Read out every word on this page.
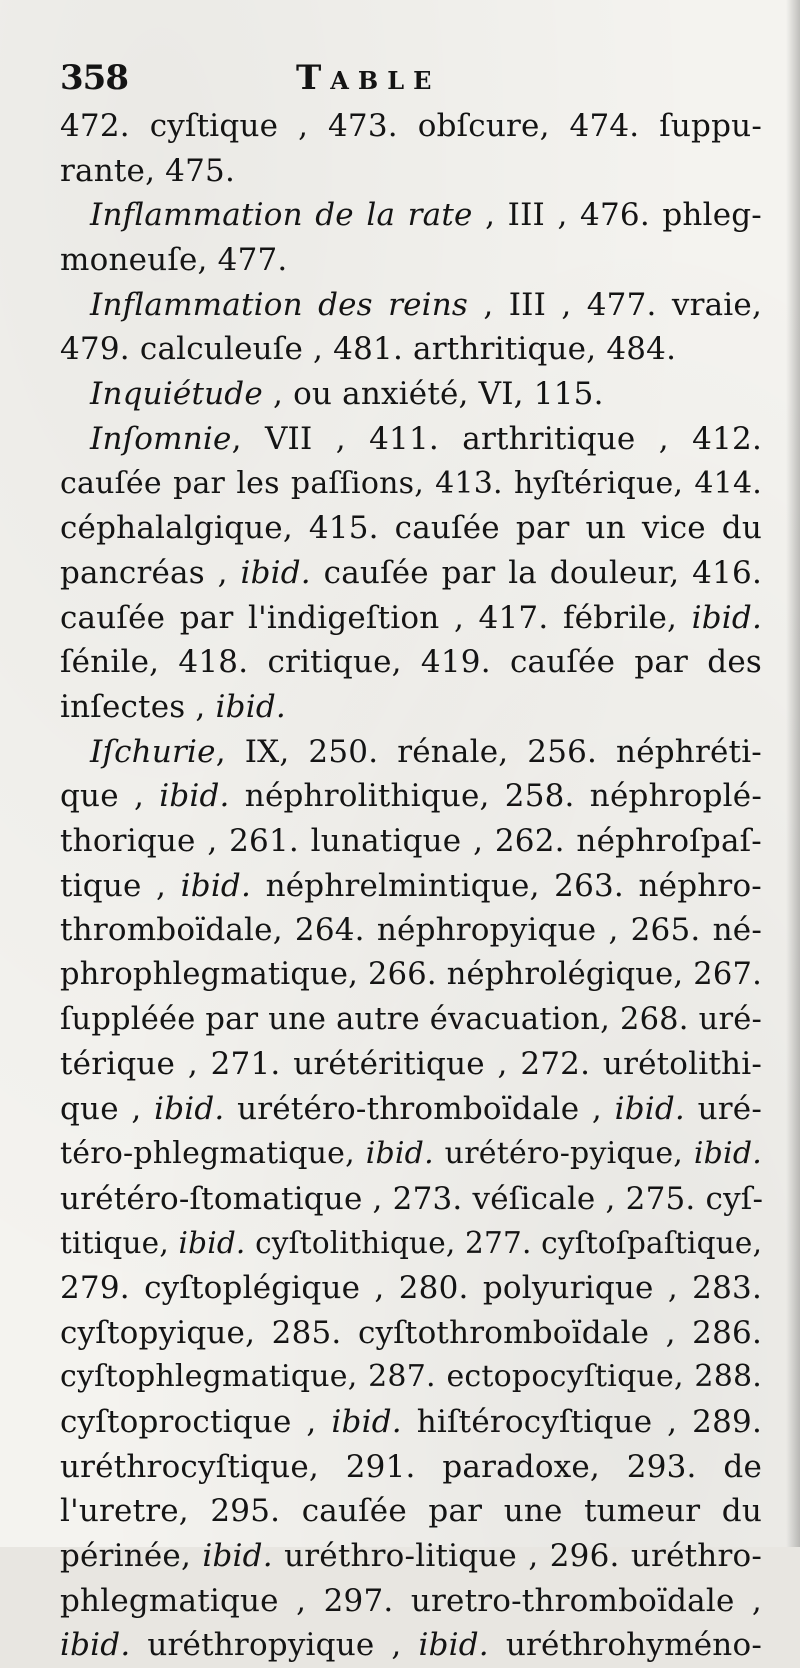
358	Table
472. cyſtique , 473. obſcure, 474. ſuppu-
rante, 475.
Inflammation de la rate , III , 476. phleg-
moneuſe, 477.
Inflammation des reins , III , 477. vraie,
479. calculeuſe , 481. arthritique, 484.
Inquiétude , ou anxiété, VI, 115.
Inſomnie, VII , 411. arthritique , 412.
cauſée par les paſſions, 413. hyſtérique, 414.
céphalalgique, 415. cauſée par un vice du
pancréas , ibid. cauſée par la douleur, 416.
cauſée par l'indigeſtion , 417. fébrile, ibid.
ſénile, 418. critique, 419. cauſée par des
inſectes , ibid.
Iſchurie, IX, 250. rénale, 256. néphréti-
que , ibid. néphrolithique, 258. néphroplé-
thorique , 261. lunatique , 262. néphroſpaſ-
tique , ibid. néphrelmintique, 263. néphro-
thromboïdale, 264. néphropyique , 265. né-
phrophlegmatique, 266. néphrolégique, 267.
ſuppléée par une autre évacuation, 268. uré-
térique , 271. urétéritique , 272. urétolithi-
que , ibid. urétéro-thromboïdale , ibid. uré-
téro-phlegmatique, ibid. urétéro-pyique, ibid.
urétéro-ſtomatique , 273. véſicale , 275. cyſ-
titique, ibid. cyſtolithique, 277. cyſtoſpaſtique,
279. cyſtoplégique , 280. polyurique , 283.
cyſtopyique, 285. cyſtothromboïdale , 286.
cyſtophlegmatique, 287. ectopocyſtique, 288.
cyſtoproctique , ibid. hiſtérocyſtique , 289.
uréthrocyſtique, 291. paradoxe, 293. de
l'uretre, 295. cauſée par une tumeur du
périnée, ibid. uréthro-litique , 296. uréthro-
phlegmatique , 297. uretro-thromboïdale ,
ibid. uréthropyique , ibid. uréthrohyméno-
